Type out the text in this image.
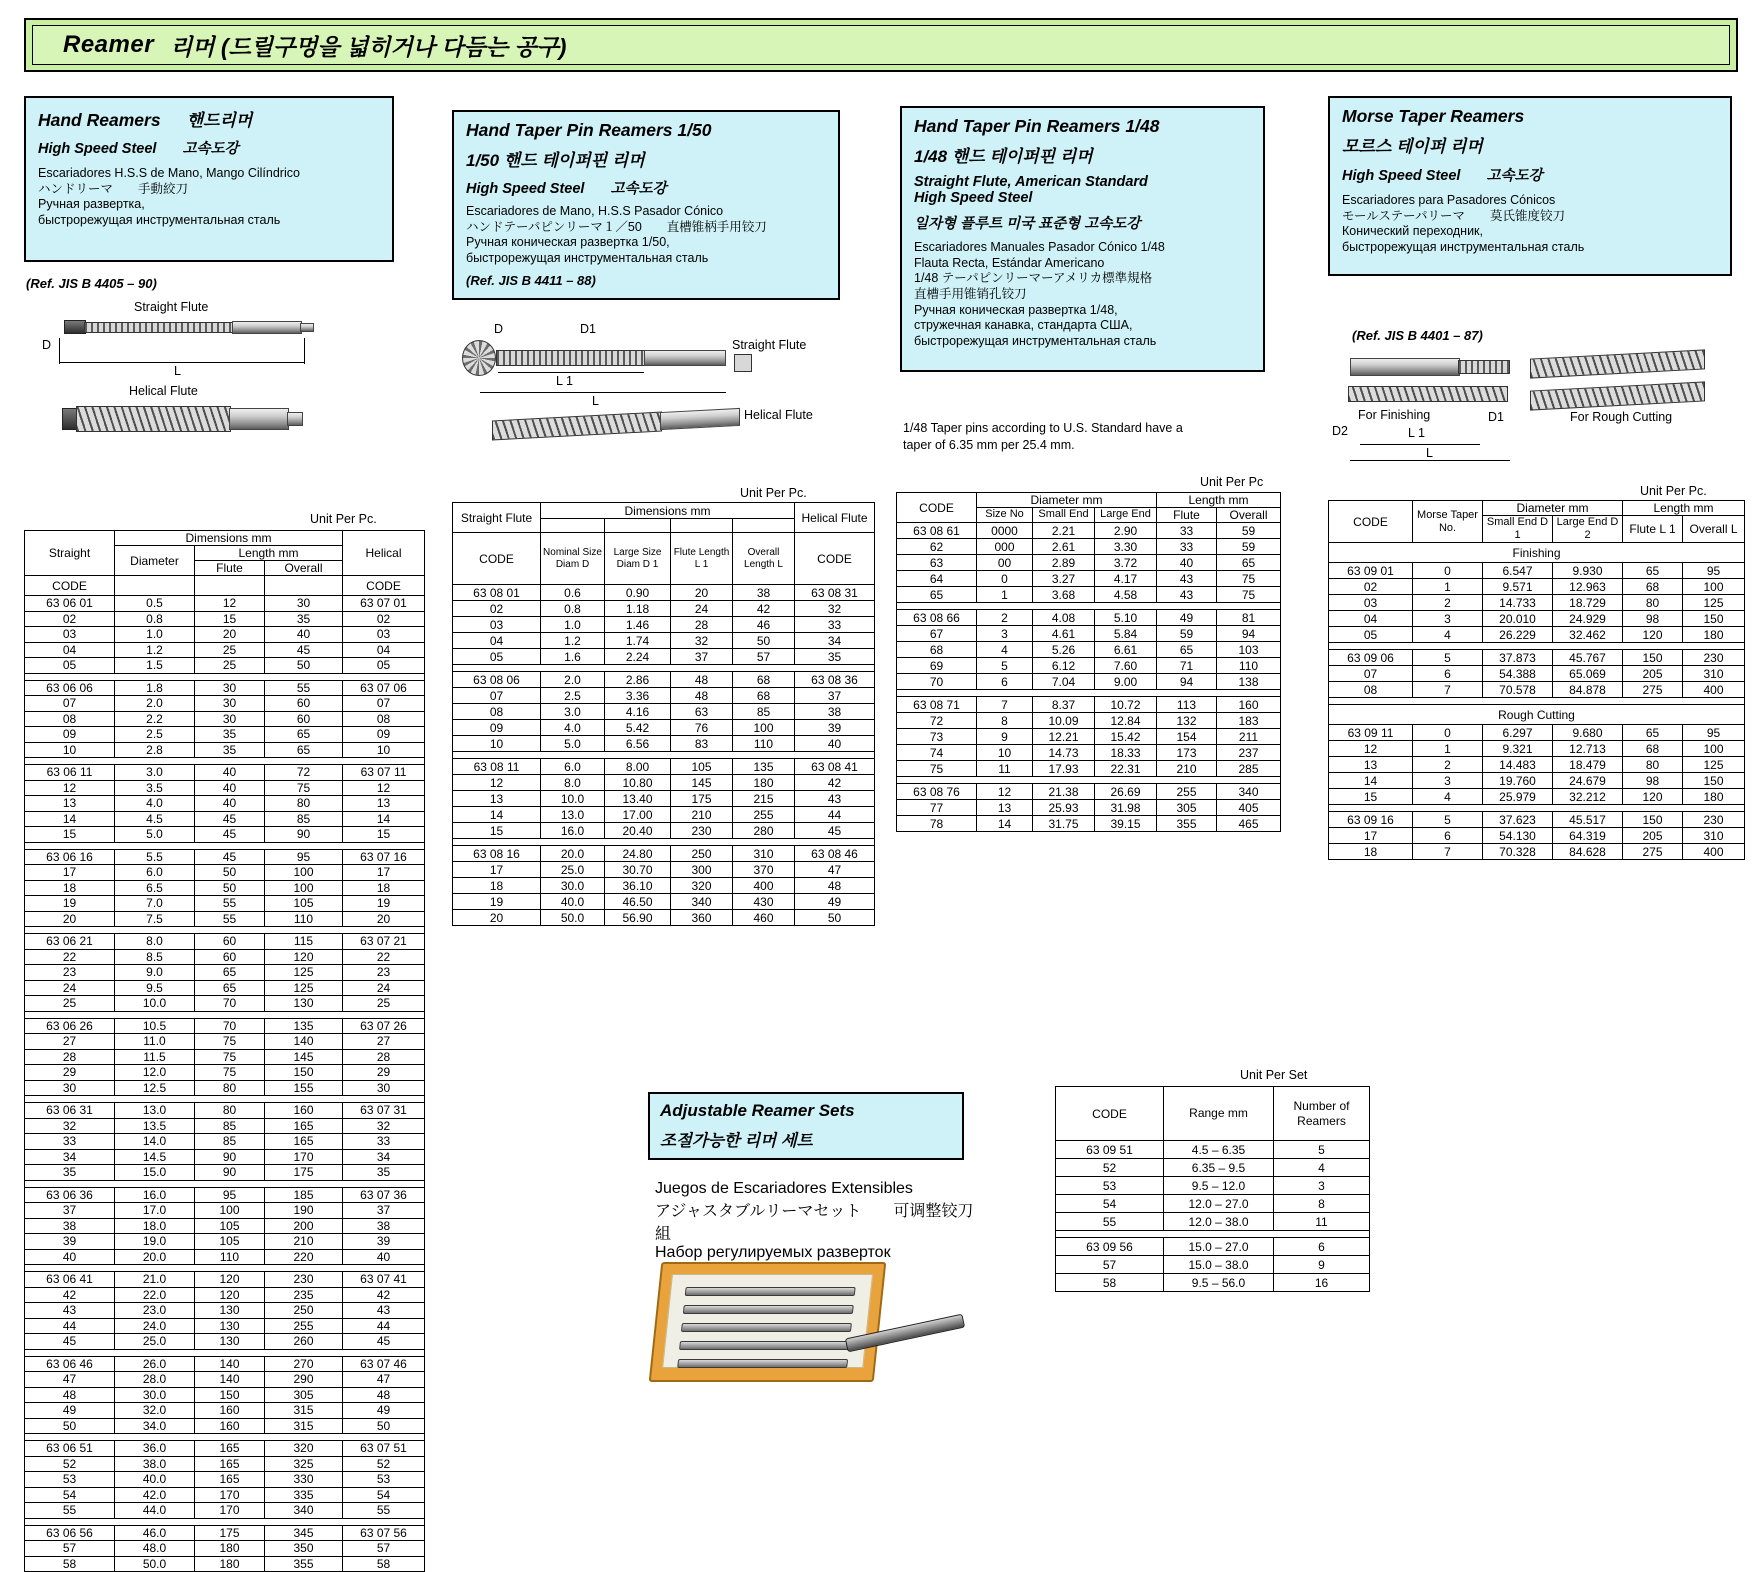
Reamer 리머 (드릴구멍을 넓히거나 다듬는 공구)
Hand Reamers 핸드리머
High Speed Steel 고속도강
Escariadores H.S.S de Mano, Mango Cilíndrico
ハンドリーマ　　手動絞刀
Ручная развертка,
быстрорежущая инструментальная сталь
(Ref. JIS B 4405 – 90)
Straight Flute
D
L
Helical Flute
Unit Per Pc.
Straight	Dimensions mm			Helical
	Diameter	Length mm		
		Flute	Overall	
CODE				CODE
63 06 01	0.5	12	30	63 07 01
02	0.8	15	35	02
03	1.0	20	40	03
04	1.2	25	45	04
05	1.5	25	50	05

63 06 06	1.8	30	55	63 07 06
07	2.0	30	60	07
08	2.2	30	60	08
09	2.5	35	65	09
10	2.8	35	65	10

63 06 11	3.0	40	72	63 07 11
12	3.5	40	75	12
13	4.0	40	80	13
14	4.5	45	85	14
15	5.0	45	90	15

63 06 16	5.5	45	95	63 07 16
17	6.0	50	100	17
18	6.5	50	100	18
19	7.0	55	105	19
20	7.5	55	110	20

63 06 21	8.0	60	115	63 07 21
22	8.5	60	120	22
23	9.0	65	125	23
24	9.5	65	125	24
25	10.0	70	130	25

63 06 26	10.5	70	135	63 07 26
27	11.0	75	140	27
28	11.5	75	145	28
29	12.0	75	150	29
30	12.5	80	155	30

63 06 31	13.0	80	160	63 07 31
32	13.5	85	165	32
33	14.0	85	165	33
34	14.5	90	170	34
35	15.0	90	175	35

63 06 36	16.0	95	185	63 07 36
37	17.0	100	190	37
38	18.0	105	200	38
39	19.0	105	210	39
40	20.0	110	220	40

63 06 41	21.0	120	230	63 07 41
42	22.0	120	235	42
43	23.0	130	250	43
44	24.0	130	255	44
45	25.0	130	260	45

63 06 46	26.0	140	270	63 07 46
47	28.0	140	290	47
48	30.0	150	305	48
49	32.0	160	315	49
50	34.0	160	315	50

63 06 51	36.0	165	320	63 07 51
52	38.0	165	325	52
53	40.0	165	330	53
54	42.0	170	335	54
55	44.0	170	340	55

63 06 56	46.0	175	345	63 07 56
57	48.0	180	350	57
58	50.0	180	355	58
Hand Taper Pin Reamers 1/50
1/50 핸드 테이퍼핀 리머
High Speed Steel 고속도강
Escariadores de Mano, H.S.S Pasador Cónico
ハンドテーパピンリーマ１／50　　直槽锥柄手用铰刀
Ручная коническая развертка 1/50,
быстрорежущая инструментальная сталь
(Ref. JIS B 4411 – 88)
Straight Flute
D	D1
L 1
L
Helical Flute
Unit Per Pc.
Straight Flute	Dimensions mm				Helical Flute

CODE	Nominal Size Diam D	Large Size Diam D 1	Flute Length L 1	Overall Length L	CODE
63 08 01	0.6	0.90	20	38	63 08 31
02	0.8	1.18	24	42	32
03	1.0	1.46	28	46	33
04	1.2	1.74	32	50	34
05	1.6	2.24	37	57	35

63 08 06	2.0	2.86	48	68	63 08 36
07	2.5	3.36	48	68	37
08	3.0	4.16	63	85	38
09	4.0	5.42	76	100	39
10	5.0	6.56	83	110	40

63 08 11	6.0	8.00	105	135	63 08 41
12	8.0	10.80	145	180	42
13	10.0	13.40	175	215	43
14	13.0	17.00	210	255	44
15	16.0	20.40	230	280	45

63 08 16	20.0	24.80	250	310	63 08 46
17	25.0	30.70	300	370	47
18	30.0	36.10	320	400	48
19	40.0	46.50	340	430	49
20	50.0	56.90	360	460	50
Hand Taper Pin Reamers 1/48
1/48 핸드 테이퍼핀 리머
Straight Flute, American Standard
High Speed Steel
일자형 플루트 미국 표준형 고속도강
Escariadores Manuales Pasador Cónico 1/48
Flauta Recta, Estándar Americano
1/48 テーパピンリーマーアメリカ標準規格
直槽手用锥销孔铰刀
Ручная коническая развертка 1/48,
стружечная канавка, стандарта США,
быстрорежущая инструментальная сталь
1/48 Taper pins according to U.S. Standard have a taper of 6.35 mm per 25.4 mm.
Unit Per Pc
CODE	Diameter mm			Length mm	
	Size No	Small End	Large End	Flute	Overall
63 08 61	0000	2.21	2.90	33	59
62	000	2.61	3.30	33	59
63	00	2.89	3.72	40	65
64	0	3.27	4.17	43	75
65	1	3.68	4.58	43	75

63 08 66	2	4.08	5.10	49	81
67	3	4.61	5.84	59	94
68	4	5.26	6.61	65	103
69	5	6.12	7.60	71	110
70	6	7.04	9.00	94	138

63 08 71	7	8.37	10.72	113	160
72	8	10.09	12.84	132	183
73	9	12.21	15.42	154	211
74	10	14.73	18.33	173	237
75	11	17.93	22.31	210	285

63 08 76	12	21.38	26.69	255	340
77	13	25.93	31.98	305	405
78	14	31.75	39.15	355	465
Morse Taper Reamers
모르스 테이퍼 리머
High Speed Steel 고속도강
Escariadores para Pasadores Cónicos
モールステーパリーマ　　莫氏锥度铰刀
Конический переходник,
быстрорежущая инструментальная сталь
(Ref. JIS B 4401 – 87)
For Finishing	D1
D2	L 1
L
For Rough Cutting
Unit Per Pc.
CODE	Morse Taper No.	Diameter mm		Length mm	
		Small End D 1	Large End D 2	Flute L 1	Overall L
Finishing					
63 09 01	0	6.547	9.930	65	95
02	1	9.571	12.963	68	100
03	2	14.733	18.729	80	125
04	3	20.010	24.929	98	150
05	4	26.229	32.462	120	180

63 09 06	5	37.873	45.767	150	230
07	6	54.388	65.069	205	310
08	7	70.578	84.878	275	400

Rough Cutting					
63 09 11	0	6.297	9.680	65	95
12	1	9.321	12.713	68	100
13	2	14.483	18.479	80	125
14	3	19.760	24.679	98	150
15	4	25.979	32.212	120	180

63 09 16	5	37.623	45.517	150	230
17	6	54.130	64.319	205	310
18	7	70.328	84.628	275	400
Adjustable Reamer Sets
조절가능한 리머 세트
Juegos de Escariadores Extensibles
アジャスタブルリーマセット　　可调整铰刀組
Набор регулируемых разверток
Unit Per Set
CODE	Range mm	Number of Reamers
63 09 51	4.5 – 6.35	5
52	6.35 – 9.5	4
53	9.5 – 12.0	3
54	12.0 – 27.0	8
55	12.0 – 38.0	11

63 09 56	15.0 – 27.0	6
57	15.0 – 38.0	9
58	9.5 – 56.0	16
